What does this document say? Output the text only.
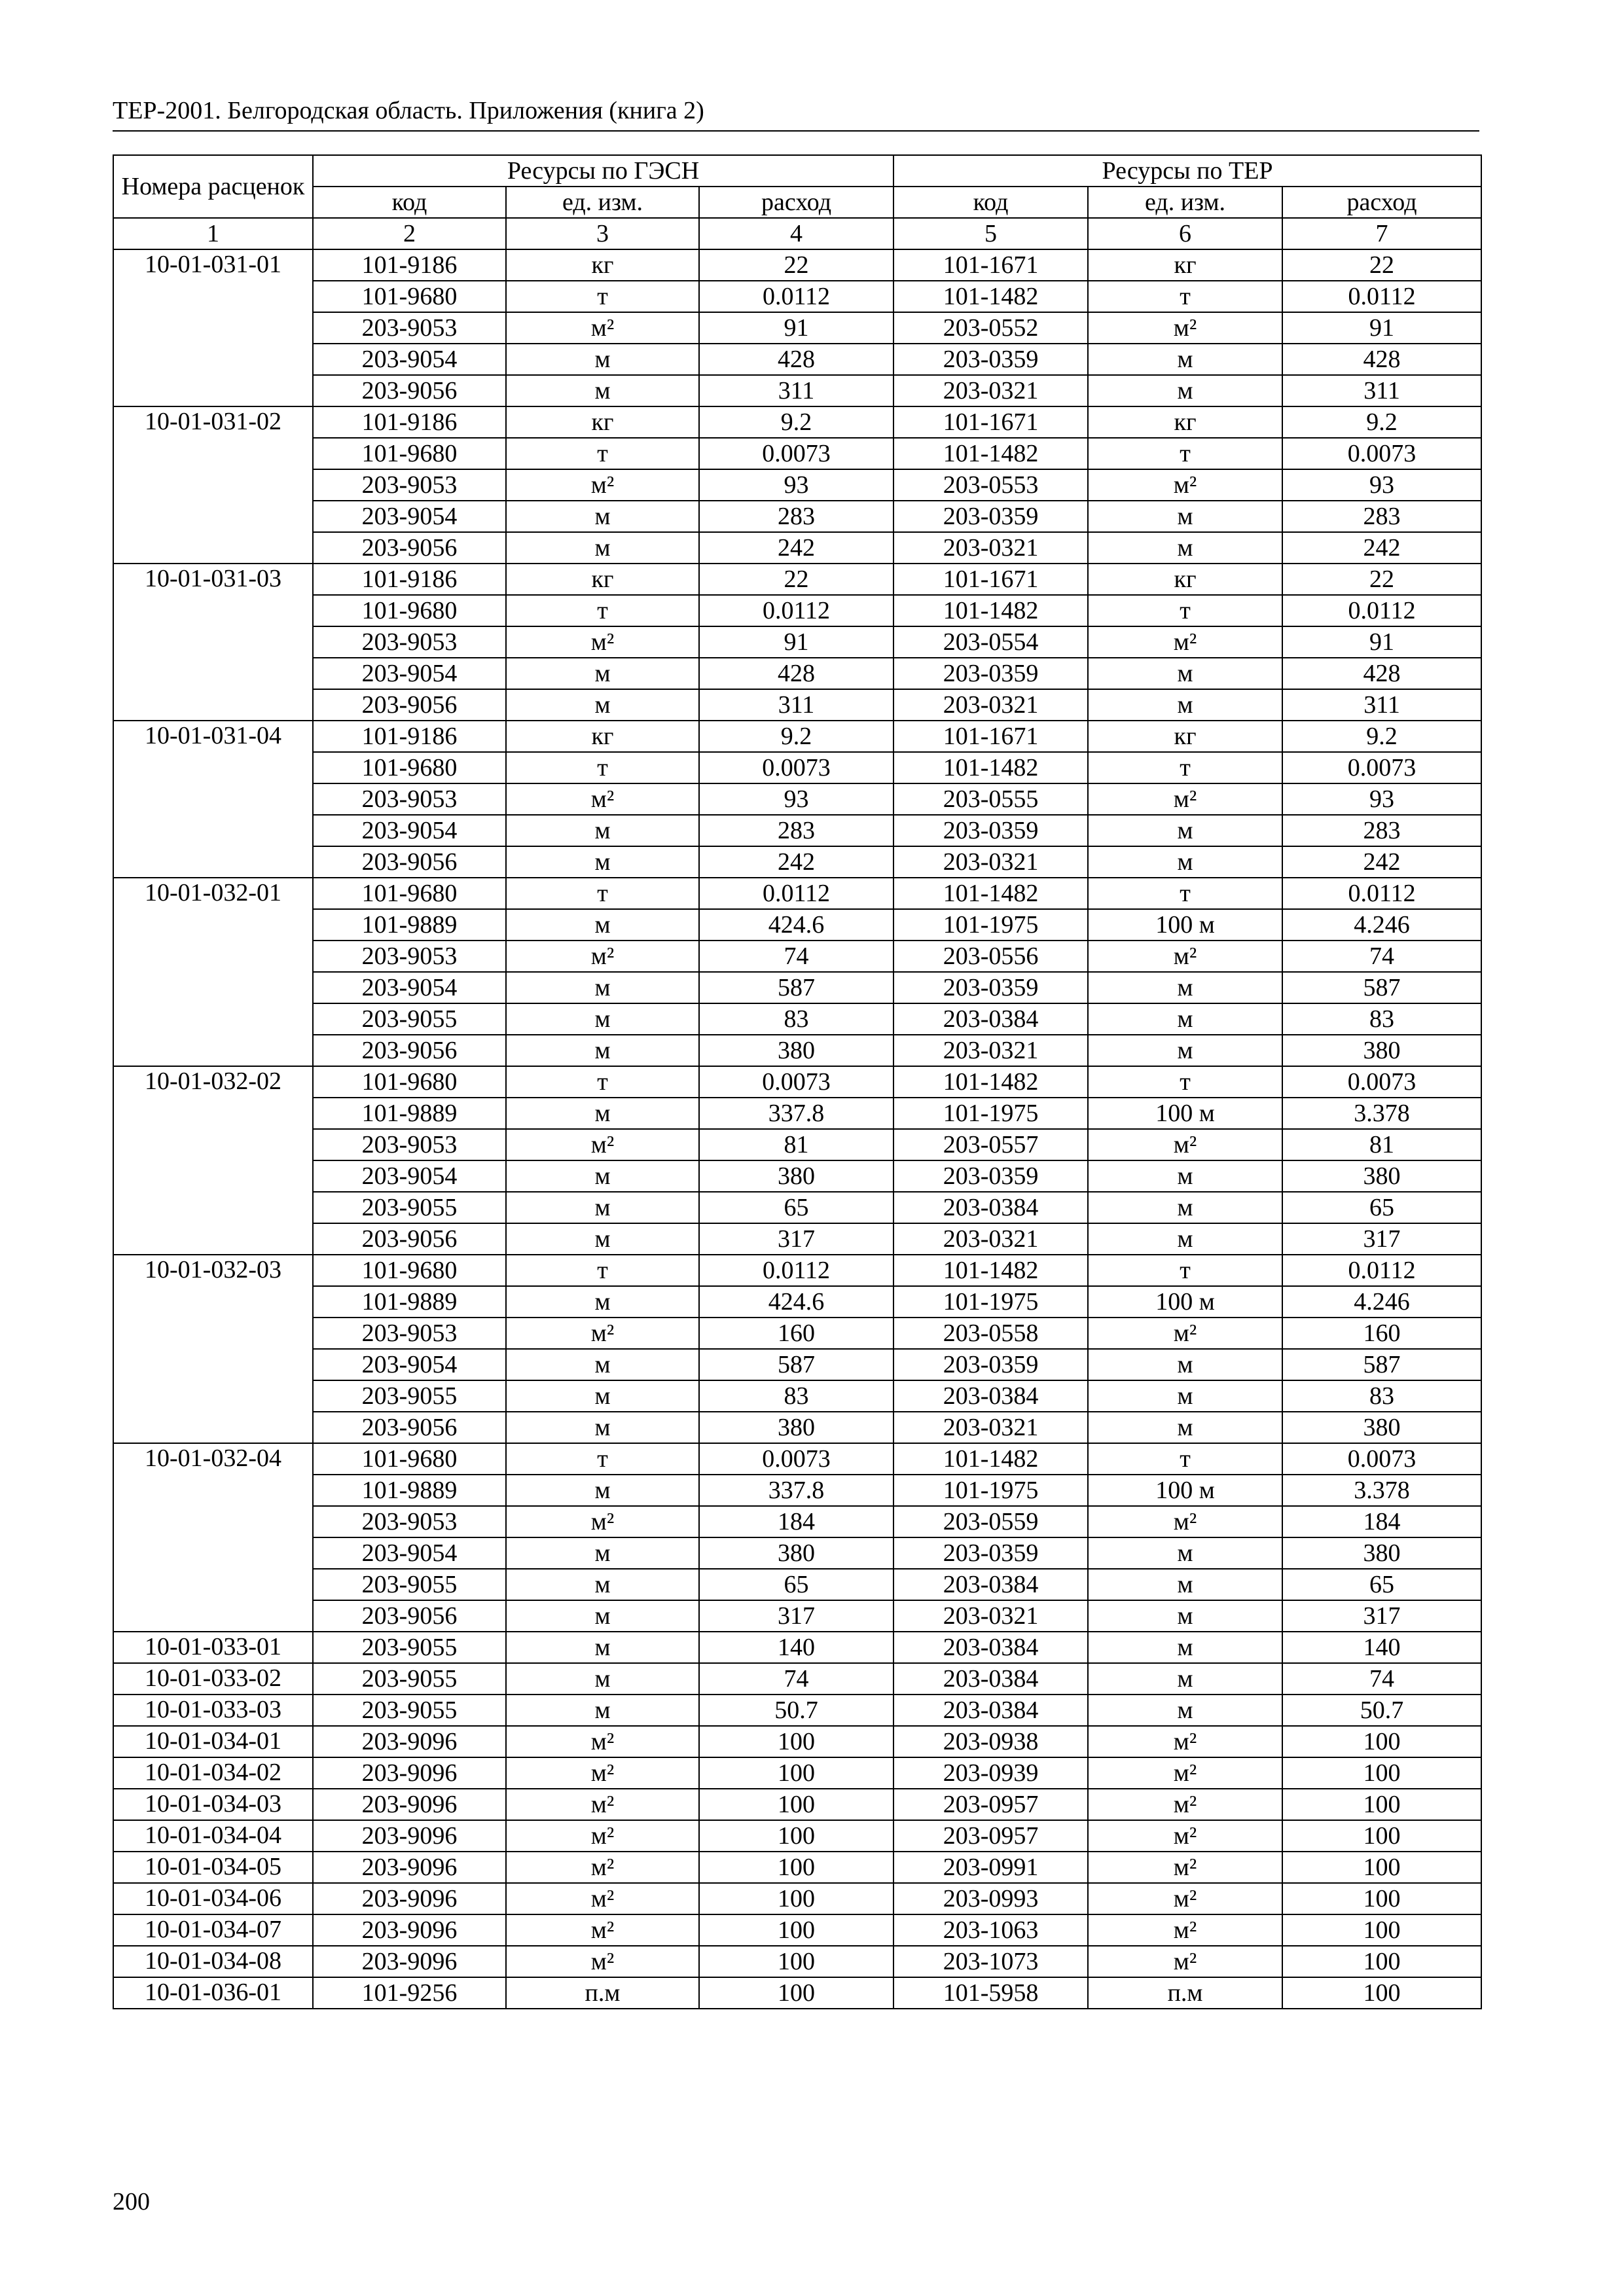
ТЕР-2001. Белгородская область. Приложения (книга 2)
Номера расценок	Ресурсы по ГЭСН			Ресурсы по ТЕР		
	код	ед. изм.	расход	код	ед. изм.	расход
1	2	3	4	5	6	7
10-01-031-01	101-9186	кг	22	101-1671	кг	22
	101-9680	т	0.0112	101-1482	т	0.0112
	203-9053	м²	91	203-0552	м²	91
	203-9054	м	428	203-0359	м	428
	203-9056	м	311	203-0321	м	311
10-01-031-02	101-9186	кг	9.2	101-1671	кг	9.2
	101-9680	т	0.0073	101-1482	т	0.0073
	203-9053	м²	93	203-0553	м²	93
	203-9054	м	283	203-0359	м	283
	203-9056	м	242	203-0321	м	242
10-01-031-03	101-9186	кг	22	101-1671	кг	22
	101-9680	т	0.0112	101-1482	т	0.0112
	203-9053	м²	91	203-0554	м²	91
	203-9054	м	428	203-0359	м	428
	203-9056	м	311	203-0321	м	311
10-01-031-04	101-9186	кг	9.2	101-1671	кг	9.2
	101-9680	т	0.0073	101-1482	т	0.0073
	203-9053	м²	93	203-0555	м²	93
	203-9054	м	283	203-0359	м	283
	203-9056	м	242	203-0321	м	242
10-01-032-01	101-9680	т	0.0112	101-1482	т	0.0112
	101-9889	м	424.6	101-1975	100 м	4.246
	203-9053	м²	74	203-0556	м²	74
	203-9054	м	587	203-0359	м	587
	203-9055	м	83	203-0384	м	83
	203-9056	м	380	203-0321	м	380
10-01-032-02	101-9680	т	0.0073	101-1482	т	0.0073
	101-9889	м	337.8	101-1975	100 м	3.378
	203-9053	м²	81	203-0557	м²	81
	203-9054	м	380	203-0359	м	380
	203-9055	м	65	203-0384	м	65
	203-9056	м	317	203-0321	м	317
10-01-032-03	101-9680	т	0.0112	101-1482	т	0.0112
	101-9889	м	424.6	101-1975	100 м	4.246
	203-9053	м²	160	203-0558	м²	160
	203-9054	м	587	203-0359	м	587
	203-9055	м	83	203-0384	м	83
	203-9056	м	380	203-0321	м	380
10-01-032-04	101-9680	т	0.0073	101-1482	т	0.0073
	101-9889	м	337.8	101-1975	100 м	3.378
	203-9053	м²	184	203-0559	м²	184
	203-9054	м	380	203-0359	м	380
	203-9055	м	65	203-0384	м	65
	203-9056	м	317	203-0321	м	317
10-01-033-01	203-9055	м	140	203-0384	м	140
10-01-033-02	203-9055	м	74	203-0384	м	74
10-01-033-03	203-9055	м	50.7	203-0384	м	50.7
10-01-034-01	203-9096	м²	100	203-0938	м²	100
10-01-034-02	203-9096	м²	100	203-0939	м²	100
10-01-034-03	203-9096	м²	100	203-0957	м²	100
10-01-034-04	203-9096	м²	100	203-0957	м²	100
10-01-034-05	203-9096	м²	100	203-0991	м²	100
10-01-034-06	203-9096	м²	100	203-0993	м²	100
10-01-034-07	203-9096	м²	100	203-1063	м²	100
10-01-034-08	203-9096	м²	100	203-1073	м²	100
10-01-036-01	101-9256	п.м	100	101-5958	п.м	100
200
